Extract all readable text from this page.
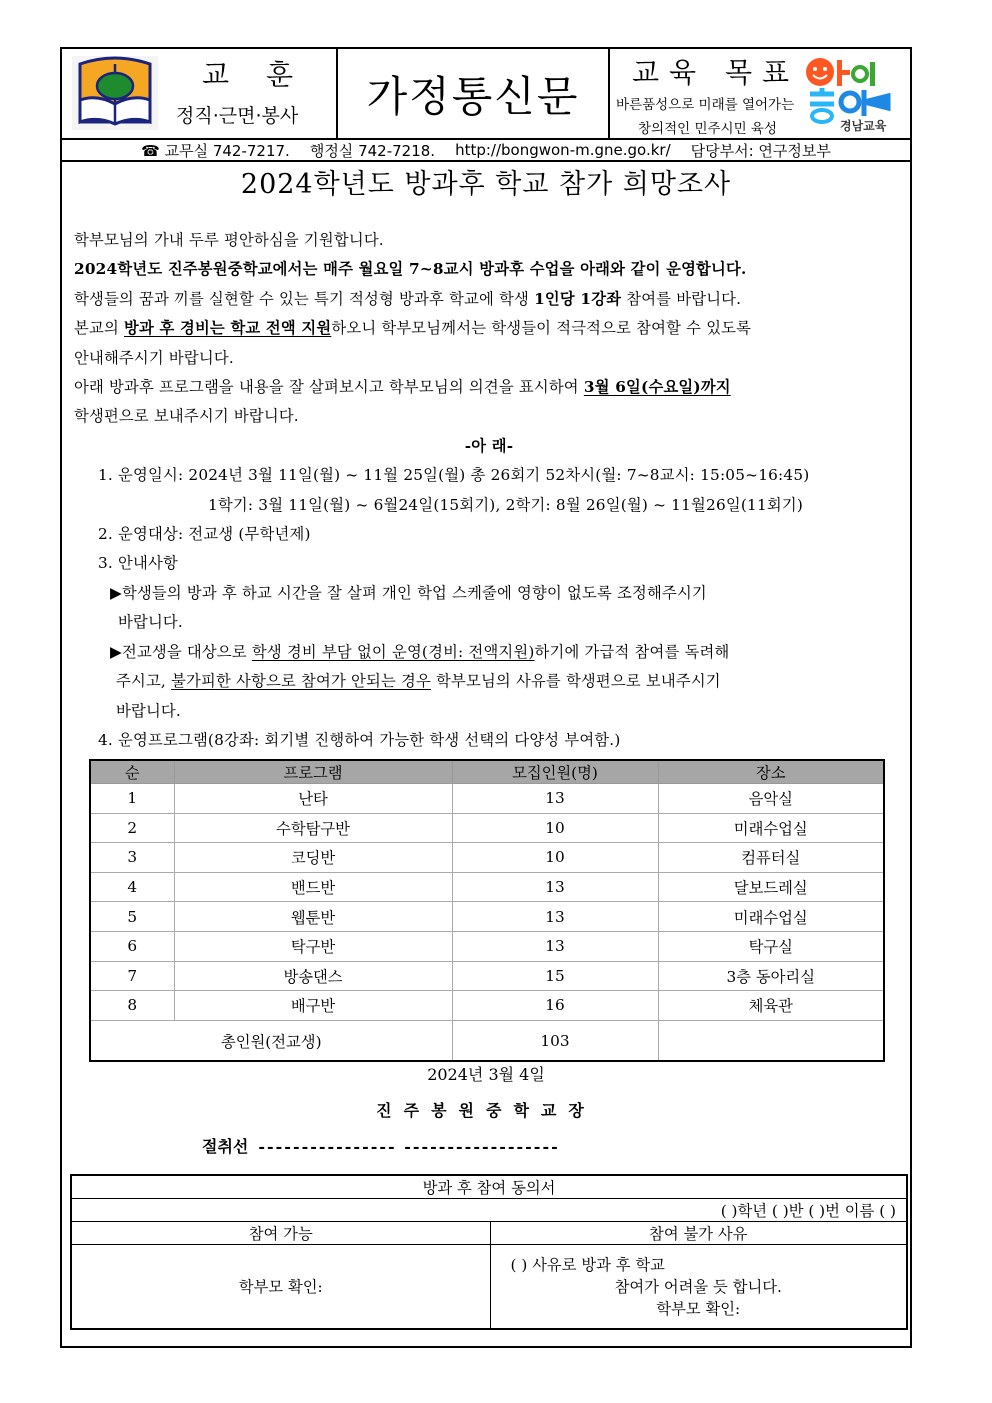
교 훈
정직·근면·봉사 가정통신문 교육 목표
바른품성으로 미래를 열어가는
창의적인 민주시민 육성	경남교육
☎ 교무실 742-7217. 행정실 742-7218. http://bongwon-m.gne.go.kr/ 담당부서: 연구정보부
2024학년도 방과후 학교 참가 희망조사

학부모님의 가내 두루 평안하심을 기원합니다.

2024학년도 진주봉원중학교에서는 매주 월요일 7~8교시 방과후 수업을 아래와 같이 운영합니다.

학생들의 꿈과 끼를 실현할 수 있는 특기 적성형 방과후 학교에 학생 1인당 1강좌 참여를 바랍니다.

본교의 방과 후 경비는 학교 전액 지원하오니 학부모님께서는 학생들이 적극적으로 참여할 수 있도록

안내해주시기 바랍니다.

아래 방과후 프로그램을 내용을 잘 살펴보시고 학부모님의 의견을 표시하여 3월 6일(수요일)까지

학생편으로 보내주시기 바랍니다.

-아 래-

1. 운영일시: 2024년 3월 11일(월) ~ 11월 25일(월) 총 26회기 52차시(월: 7~8교시: 15:05~16:45)

1학기: 3월 11일(월) ~ 6월24일(15회기), 2학기: 8월 26일(월) ~ 11월26일(11회기)

2. 운영대상: 전교생 (무학년제)

3. 안내사항

▶학생들의 방과 후 하교 시간을 잘 살펴 개인 학업 스케줄에 영향이 없도록 조정해주시기

바랍니다.

▶전교생을 대상으로 학생 경비 부담 없이 운영(경비: 전액지원)하기에 가급적 참여를 독려해

주시고, 불가피한 사항으로 참여가 안되는 경우 학부모님의 사유를 학생편으로 보내주시기

바랍니다.

4. 운영프로그램(8강좌: 회기별 진행하여 가능한 학생 선택의 다양성 부여함.)

순	프로그램	모집인원(명)	장소
1	난타	13	음악실
2	수학탐구반	10	미래수업실
3	코딩반	10	컴퓨터실
4	밴드반	13	달보드레실
5	웹툰반	13	미래수업실
6	탁구반	13	탁구실
7	방송댄스	15	3층 동아리실
8	배구반	16	체육관
총인원(전교생)		103	
2024년 3월 4일
진주봉원중학교장
절취선 ---------------- ------------------
방과 후 참여 동의서	
( )학년 ( )반 ( )번 이름 ( )	
참여 가능	참여 불가 사유
학부모 확인:	( ) 사유로 방과 후 학교
참여가 어려울 듯 합니다.
학부모 확인:
